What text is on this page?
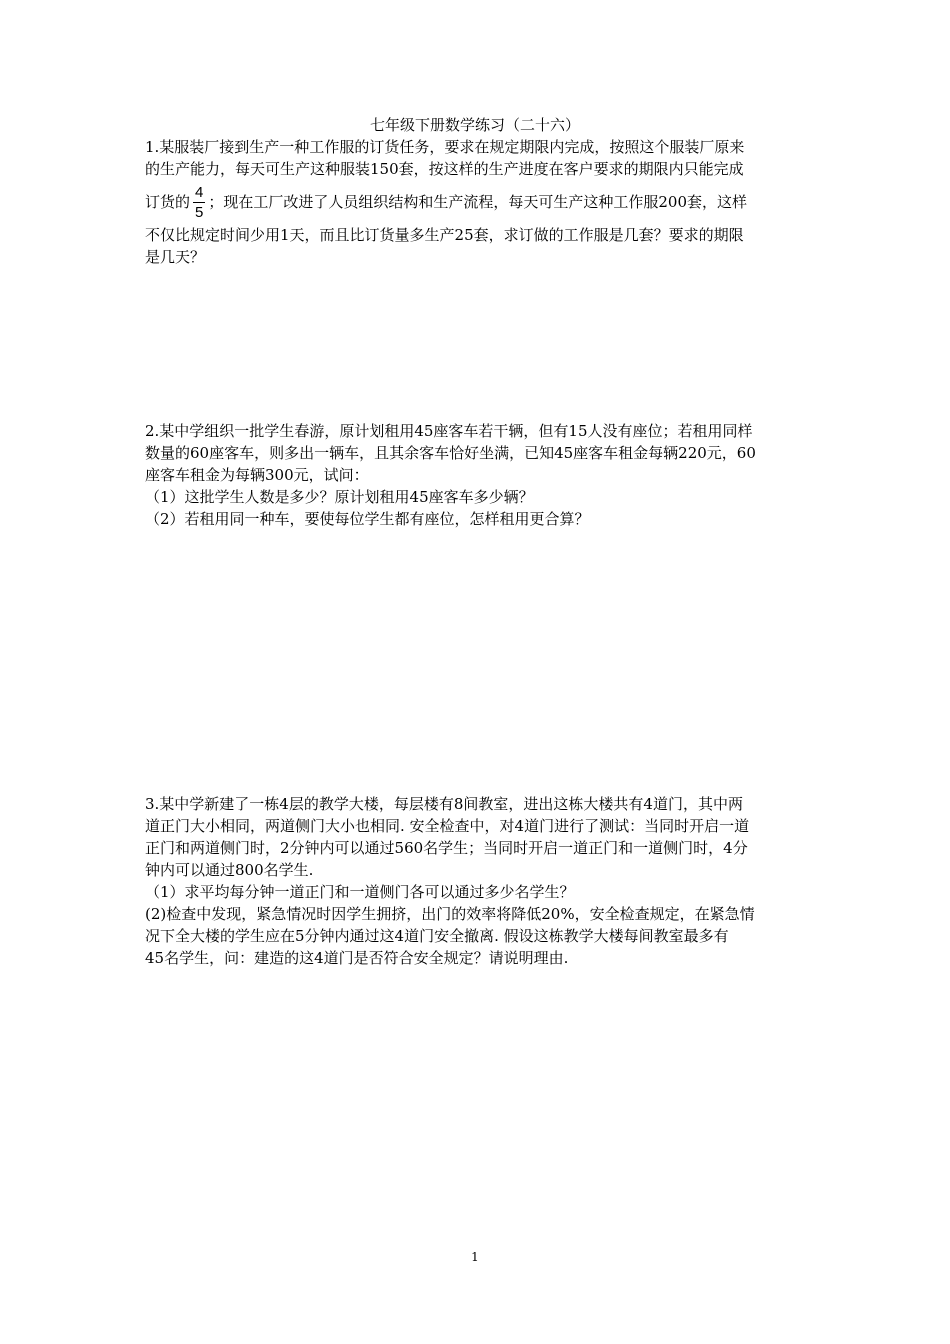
七年级下册数学练习（二十六）

1.某服装厂接到生产一种工作服的订货任务，要求在规定期限内完成，按照这个服装厂原来

的生产能力，每天可生产这种服装150套，按这样的生产进度在客户要求的期限内只能完成

订货的 $\frac{4}{5}$ ；现在工厂改进了人员组织结构和生产流程，每天可生产这种工作服200套，这样

不仅比规定时间少用1天，而且比订货量多生产25套，求订做的工作服是几套？要求的期限

是几天？

2.某中学组织一批学生春游，原计划租用45座客车若干辆，但有15人没有座位；若租用同样

数量的60座客车，则多出一辆车，且其余客车恰好坐满，已知45座客车租金每辆220元，60

座客车租金为每辆300元，试问：

（1）这批学生人数是多少？原计划租用45座客车多少辆？

（2）若租用同一种车，要使每位学生都有座位，怎样租用更合算？

3.某中学新建了一栋4层的教学大楼，每层楼有8间教室，进出这栋大楼共有4道门，其中两

道正门大小相同，两道侧门大小也相同. 安全检查中，对4道门进行了测试：当同时开启一道

正门和两道侧门时，2分钟内可以通过560名学生；当同时开启一道正门和一道侧门时，4分

钟内可以通过800名学生.

（1）求平均每分钟一道正门和一道侧门各可以通过多少名学生？

(2)检查中发现，紧急情况时因学生拥挤，出门的效率将降低20%，安全检查规定，在紧急情

况下全大楼的学生应在5分钟内通过这4道门安全撤离. 假设这栋教学大楼每间教室最多有

45名学生，问：建造的这4道门是否符合安全规定？请说明理由.

1
